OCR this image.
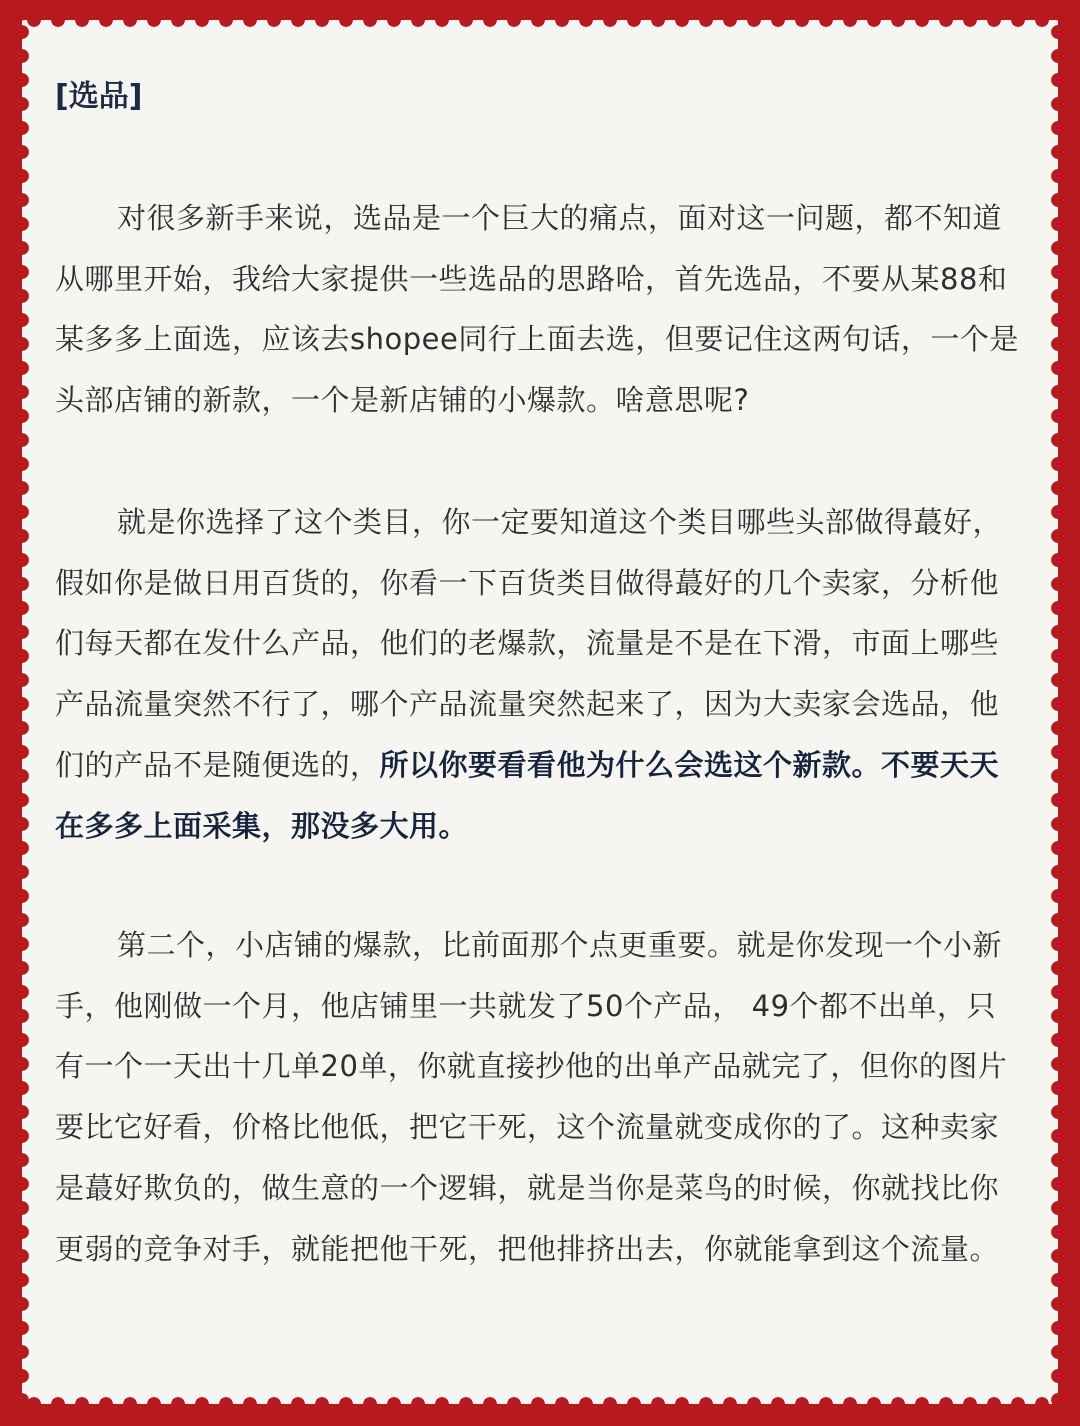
[选品]

对很多新手来说，选品是一个巨大的痛点，面对这一问题，都不知道从哪里开始，我给大家提供一些选品的思路哈，首先选品，不要从某88和某多多上面选，应该去shopee同行上面去选，但要记住这两句话，一个是头部店铺的新款，一个是新店铺的小爆款。啥意思呢?

就是你选择了这个类目，你一定要知道这个类目哪些头部做得蕞好，假如你是做日用百货的，你看一下百货类目做得蕞好的几个卖家，分析他们每天都在发什么产品，他们的老爆款，流量是不是在下滑，市面上哪些产品流量突然不行了，哪个产品流量突然起来了，因为大卖家会选品，他们的产品不是随便选的，所以你要看看他为什么会选这个新款。不要天天在多多上面采集，那没多大用。

第二个，小店铺的爆款，比前面那个点更重要。就是你发现一个小新手，他刚做一个月，他店铺里一共就发了50个产品， 49个都不出单，只有一个一天出十几单20单，你就直接抄他的出单产品就完了，但你的图片要比它好看，价格比他低，把它干死，这个流量就变成你的了。这种卖家是蕞好欺负的，做生意的一个逻辑，就是当你是菜鸟的时候，你就找比你更弱的竞争对手，就能把他干死，把他排挤出去，你就能拿到这个流量。
